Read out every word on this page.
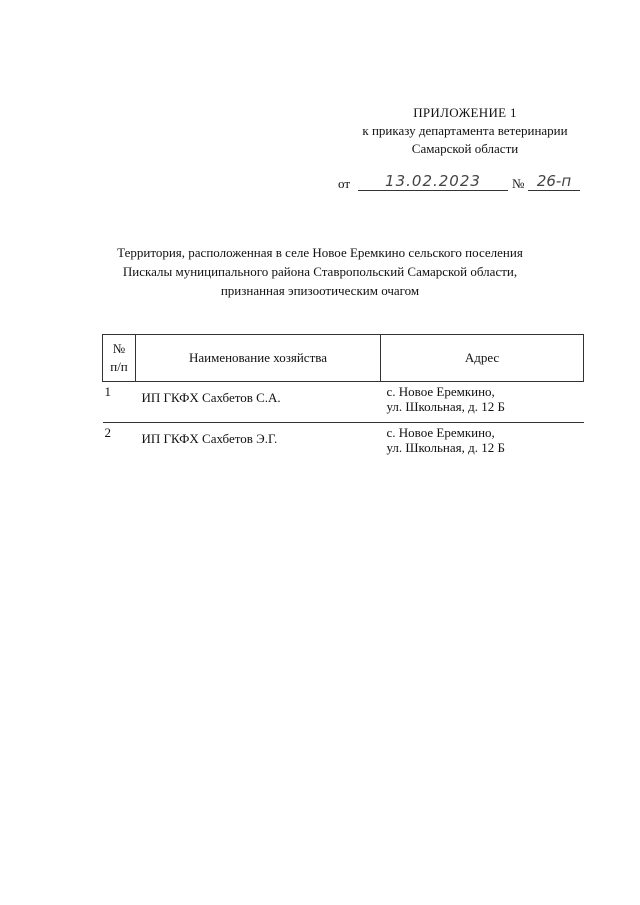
ПРИЛОЖЕНИЕ 1
к приказу департамента ветеринарии
Самарской области
от	13.02.2023	№ 26-п
Территория, расположенная в селе Новое Еремкино сельского поселения
Пискалы муниципального района Ставропольский Самарской области,
признанная эпизоотическим очагом
№
п/п	Наименование хозяйства	Адрес
1	ИП ГКФХ Сахбетов С.А.	с. Новое Еремкино,
ул. Школьная, д. 12 Б

2	ИП ГКФХ Сахбетов Э.Г.	с. Новое Еремкино,
ул. Школьная, д. 12 Б
